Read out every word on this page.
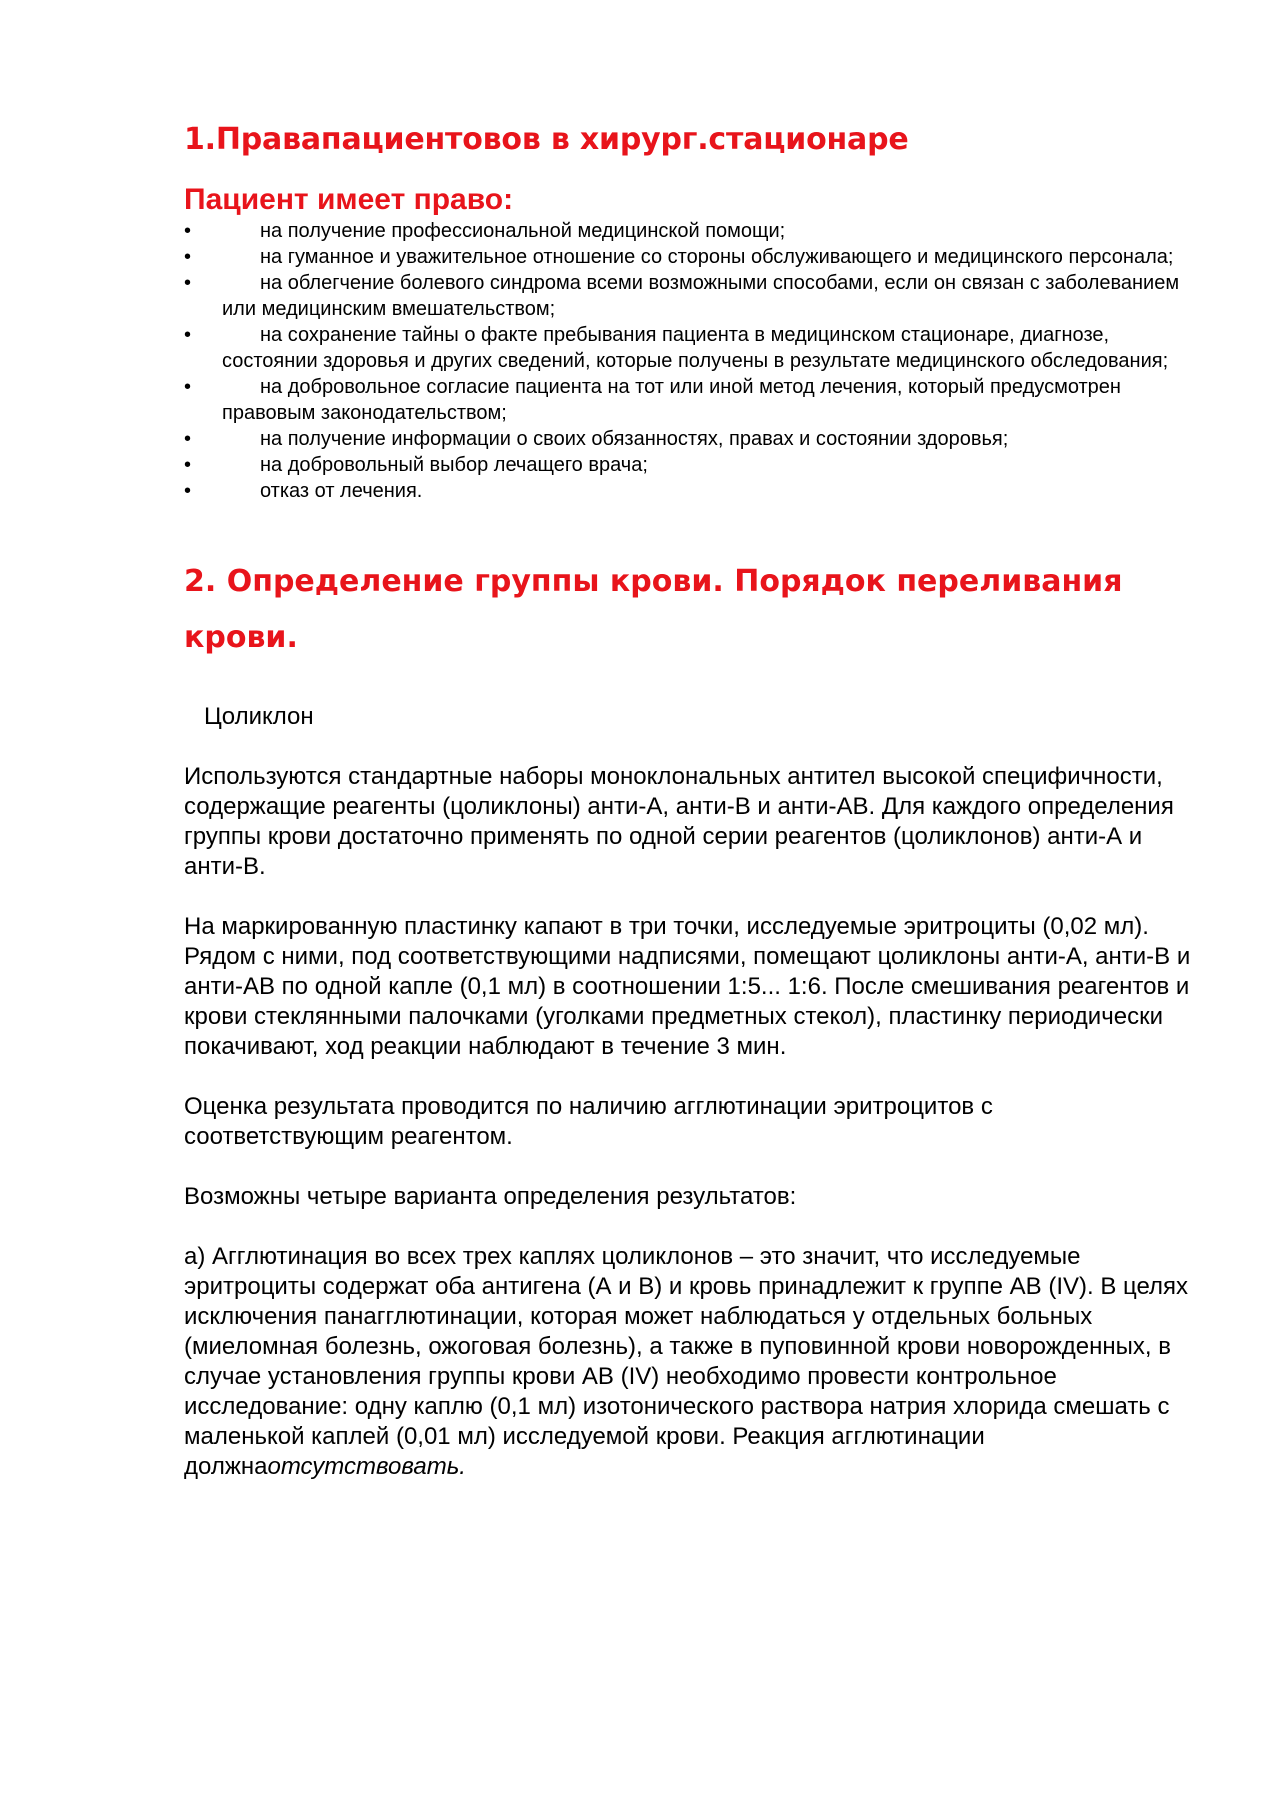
1.Правапациентовов в хирург.стационаре
Пациент имеет право:
•	на получение профессиональной медицинской помощи;
•	на гуманное и уважительное отношение со стороны обслуживающего и медицинского персонала;
•	на облегчение болевого синдрома всеми возможными способами, если он связан с заболеванием или медицинским вмешательством;
•	на сохранение тайны о факте пребывания пациента в медицинском стационаре, диагнозе, состоянии здоровья и других сведений, которые получены в результате медицинского обследования;
•	на добровольное согласие пациента на тот или иной метод лечения, который предусмотрен правовым законодательством;
•	на получение информации о своих обязанностях, правах и состоянии здоровья;
•	на добровольный выбор лечащего врача;
•	отказ от лечения.
2. Определение группы крови. Порядок переливания крови.
Цоликлон

Используются стандартные наборы моноклональных антител высокой специфичности, содержащие реагенты (цоликлоны) анти-А, анти-В и анти-АВ. Для каждого определения группы крови достаточно применять по одной серии реагентов (цоликлонов) анти-А и анти-В.

На маркированную пластинку капают в три точки, исследуемые эритроциты (0,02 мл). Рядом с ними, под соответствующими надписями, помещают цоликлоны анти-А, анти-В и анти-АВ по одной капле (0,1 мл) в соотношении 1:5... 1:6. После смешивания реагентов и крови стеклянными палочками (уголками предметных стекол), пластинку периодически покачивают, ход реакции наблюдают в течение 3 мин.

Оценка результата проводится по наличию агглютинации эритроцитов с соответствующим реагентом.

Возможны четыре варианта определения результатов:

а) Агглютинация во всех трех каплях цоликлонов – это значит, что исследуемые эритроциты содержат оба антигена (А и В) и кровь принадлежит к группе АВ (IV). В целях исключения панагглютинации, которая может наблюдаться у отдельных больных (миеломная болезнь, ожоговая болезнь), а также в пуповинной крови новорожденных, в случае установления группы крови АВ (IV) необходимо провести контрольное исследование: одну каплю (0,1 мл) изотонического раствора натрия хлорида смешать с маленькой каплей (0,01 мл) исследуемой крови. Реакция агглютинации должнаотсутствовать.
